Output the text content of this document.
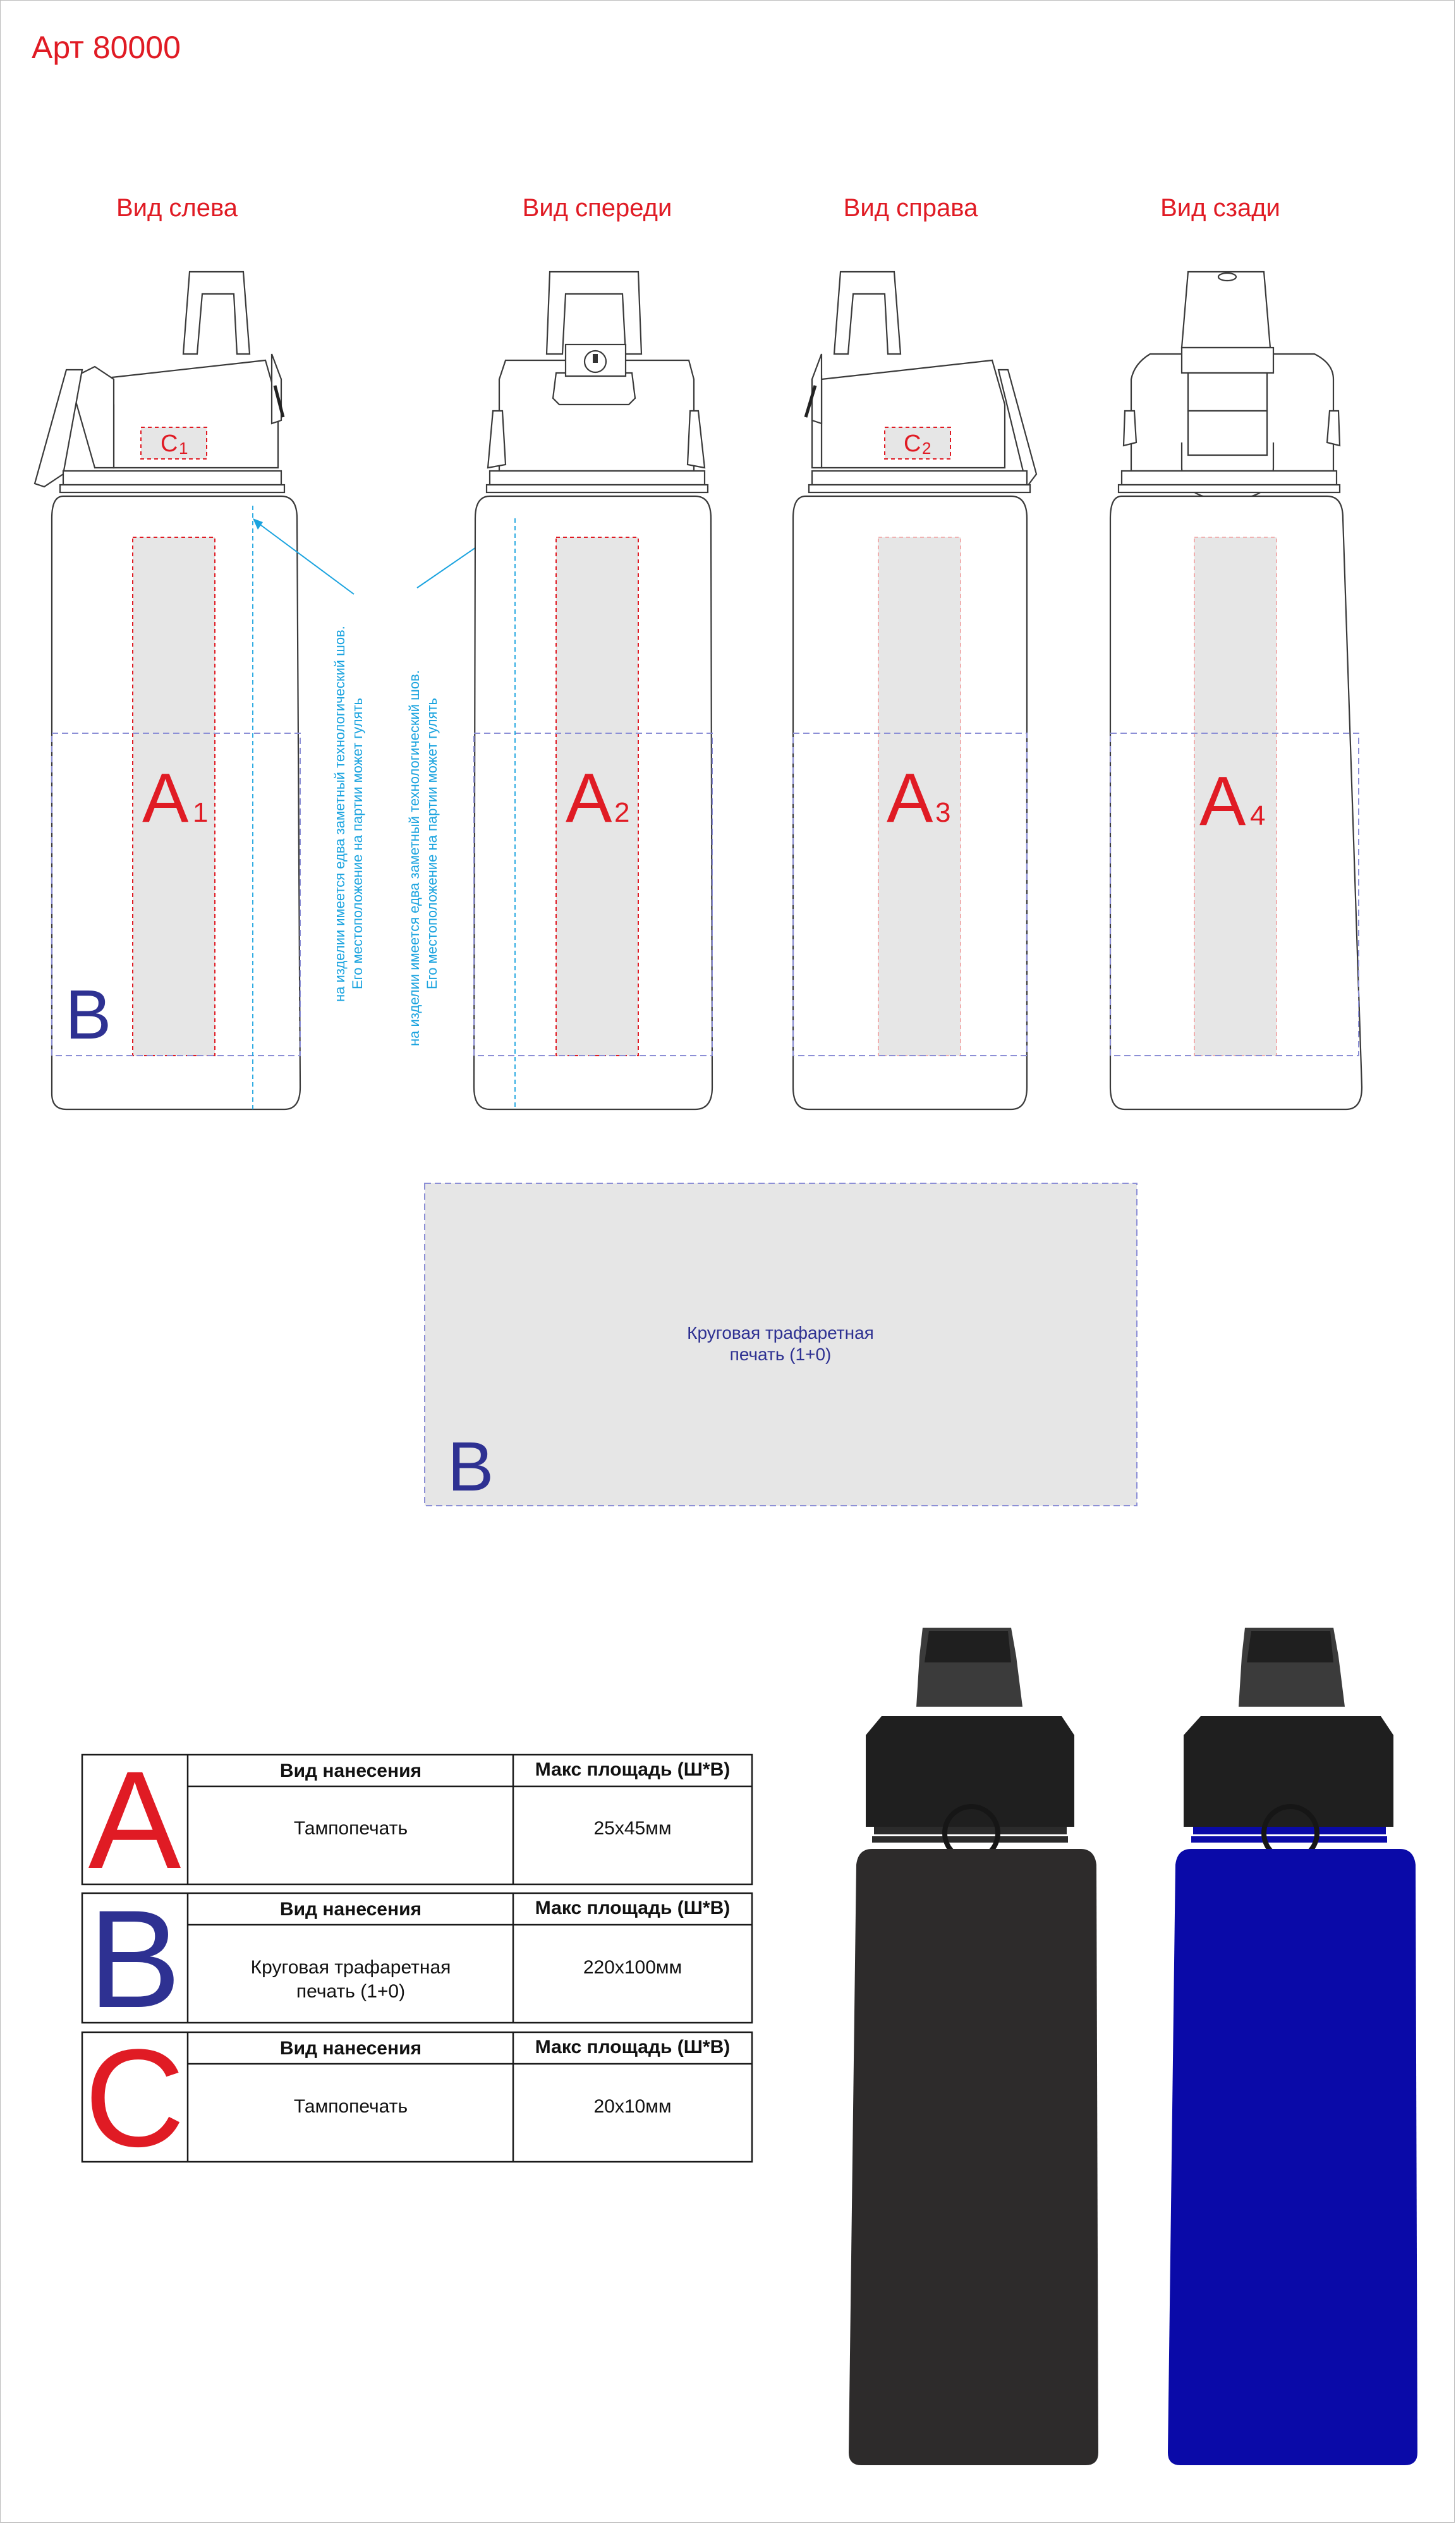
Арт 80000
Вид слева
C 1
A 1
B
на изделии имеется едва заметный технологический шов. Его местоположение на партии может гулять	на изделии имеется едва заметный технологический шов. Его местоположение на партии может гулять
Вид спереди
A 2
Вид справа
C 2
A 3
Вид сзади
A 4
Круговая трафаретная
печать (1+0)
B
A	Вид нанесения	Макс площадь (Ш*В)
Тампопечать	25x45мм
B	Вид нанесения	Макс площадь (Ш*В)
Круговая трафаретная
печать (1+0)
220x100мм
C	Вид нанесения	Макс площадь (Ш*В)
Тампопечать	20x10мм
